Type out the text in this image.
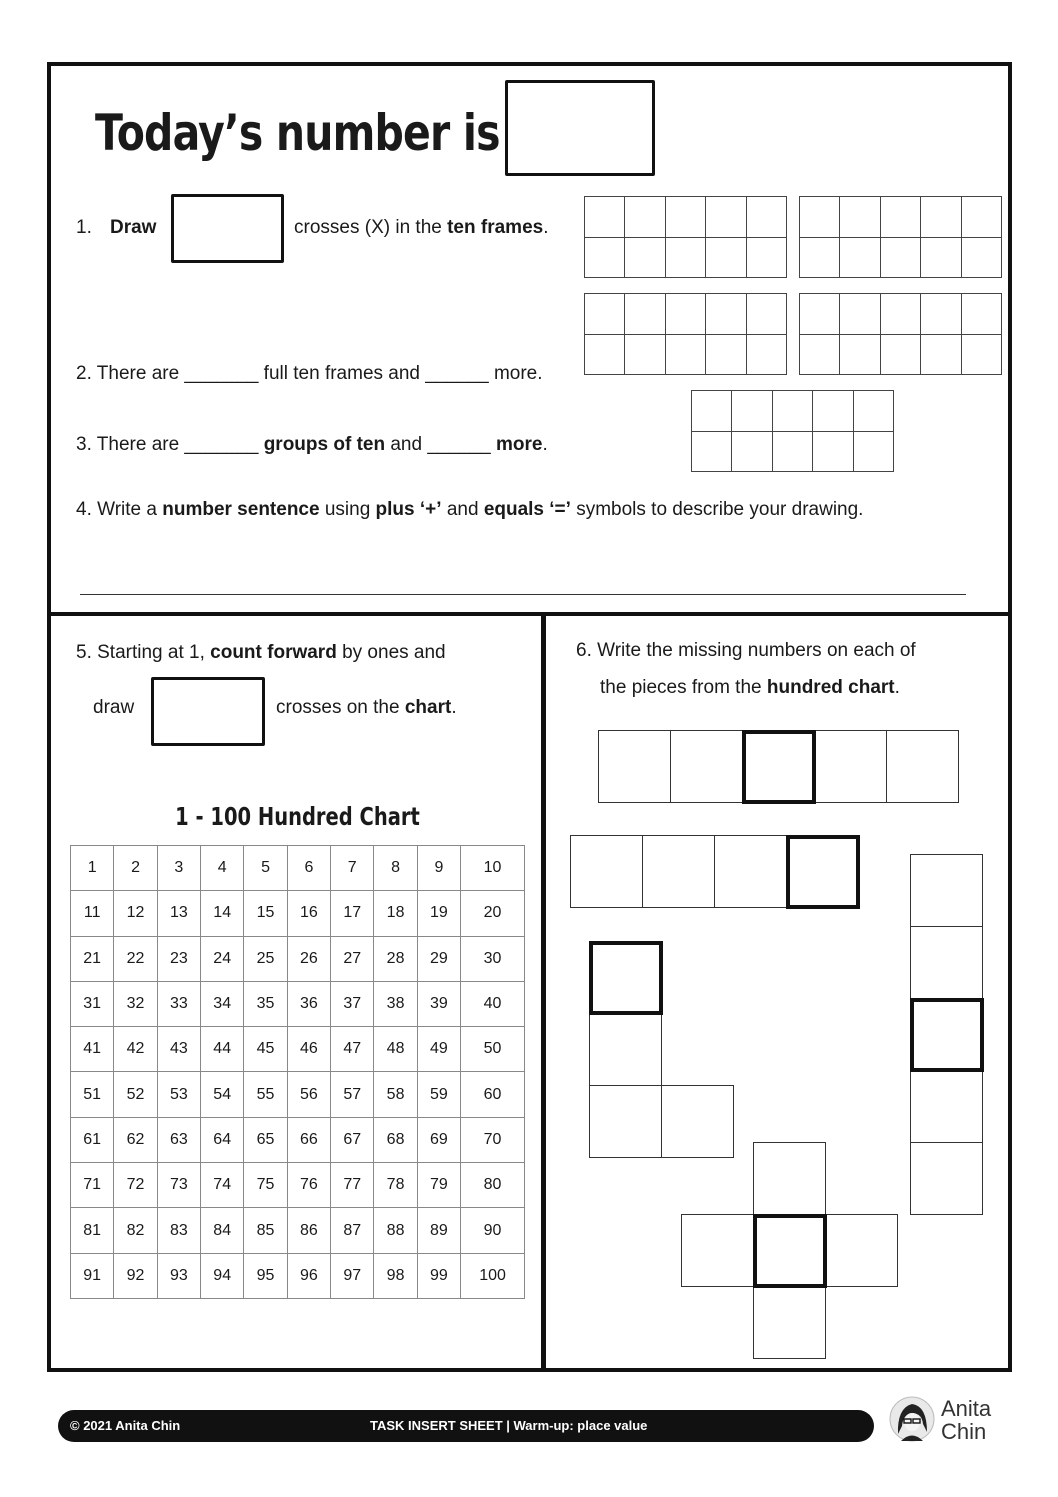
Today’s number is
1. Draw	crosses (X) in the ten frames.

2. There are _______ full ten frames and ______ more.
3. There are _______ groups of ten and ______ more.
4. Write a number sentence using plus ‘+’ and equals ‘=’ symbols to describe your drawing.
5. Starting at 1, count forward by ones and
draw	crosses on the chart.
1 - 100 Hundred Chart
1	2	3	4	5	6	7	8	9	10
11	12	13	14	15	16	17	18	19	20
21	22	23	24	25	26	27	28	29	30
31	32	33	34	35	36	37	38	39	40
41	42	43	44	45	46	47	48	49	50
51	52	53	54	55	56	57	58	59	60
61	62	63	64	65	66	67	68	69	70
71	72	73	74	75	76	77	78	79	80
81	82	83	84	85	86	87	88	89	90
91	92	93	94	95	96	97	98	99	100
6. Write the missing numbers on each of
the pieces from the hundred chart.
© 2021 Anita Chin	TASK INSERT SHEET | Warm-up: place value
Anita
Chin
